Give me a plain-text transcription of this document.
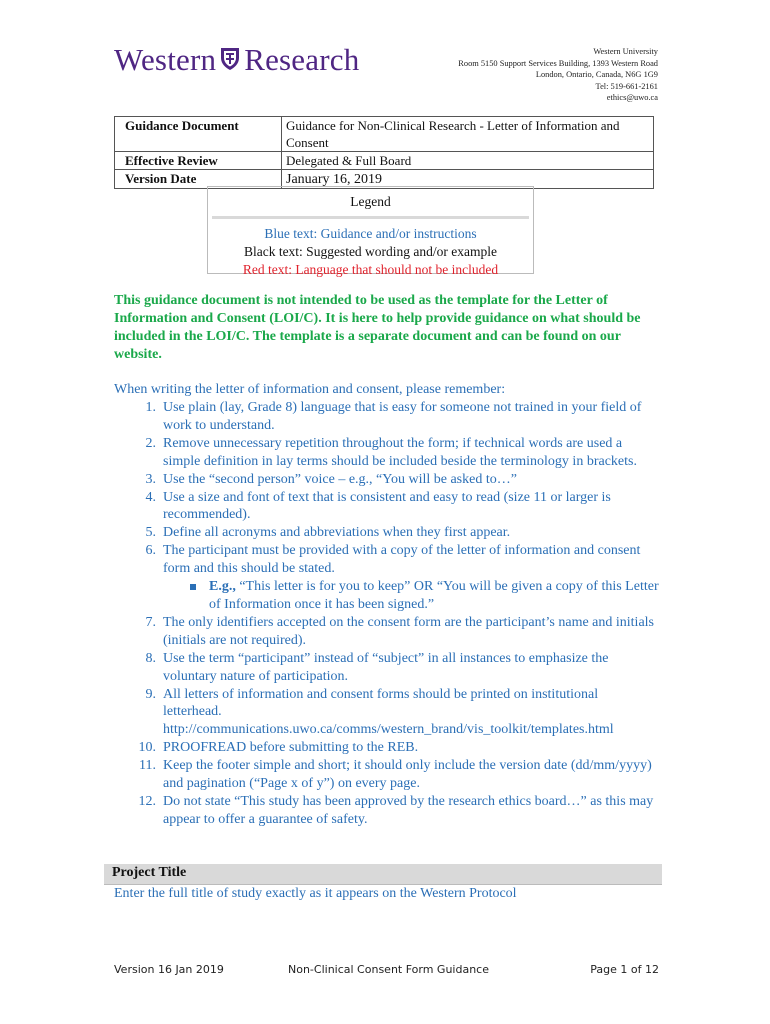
Western Research	Western University
Room 5150 Support Services Building, 1393 Western Road
London, Ontario, Canada, N6G 1G9
Tel: 519-661-2161
ethics@uwo.ca
Guidance Document	Guidance for Non-Clinical Research - Letter of Information and Consent
Effective Review	Delegated & Full Board
Version Date	January 16, 2019
Legend
Blue text: Guidance and/or instructions
Black text: Suggested wording and/or example
Red text: Language that should not be included
This guidance document is not intended to be used as the template for the Letter of Information and Consent (LOI/C). It is here to help provide guidance on what should be included in the LOI/C. The template is a separate document and can be found on our website.
When writing the letter of information and consent, please remember:
1. Use plain (lay, Grade 8) language that is easy for someone not trained in your field of work to understand.
2. Remove unnecessary repetition throughout the form; if technical words are used a simple definition in lay terms should be included beside the terminology in brackets.
3. Use the “second person” voice – e.g., “You will be asked to…”
4. Use a size and font of text that is consistent and easy to read (size 11 or larger is recommended).
5. Define all acronyms and abbreviations when they first appear.
6. The participant must be provided with a copy of the letter of information and consent form and this should be stated.
E.g., “This letter is for you to keep” OR “You will be given a copy of this Letter of Information once it has been signed.”
7. The only identifiers accepted on the consent form are the participant’s name and initials (initials are not required).
8. Use the term “participant” instead of “subject” in all instances to emphasize the voluntary nature of participation.
9. All letters of information and consent forms should be printed on institutional letterhead.
http://communications.uwo.ca/comms/western_brand/vis_toolkit/templates.html
10. PROOFREAD before submitting to the REB.
11. Keep the footer simple and short; it should only include the version date (dd/mm/yyyy) and pagination (“Page x of y”) on every page.
12. Do not state “This study has been approved by the research ethics board…” as this may appear to offer a guarantee of safety.
Project Title
Enter the full title of study exactly as it appears on the Western Protocol
Version 16 Jan 2019	Non-Clinical Consent Form Guidance	Page 1 of 12
